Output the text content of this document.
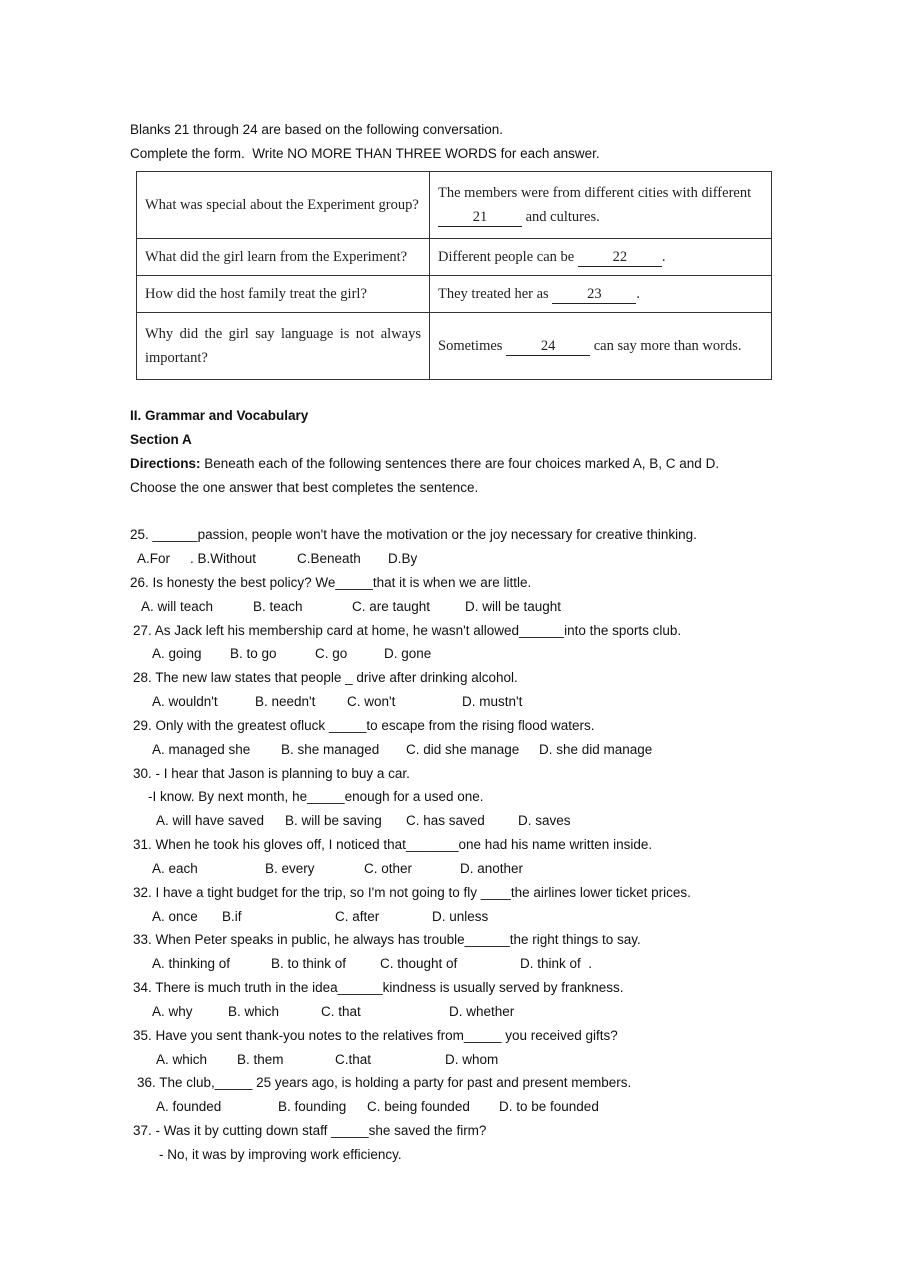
Blanks 21 through 24 are based on the following conversation.
Complete the form.  Write NO MORE THAN THREE WORDS for each answer.
What was special about the Experiment group?	The members were from different cities with different 21 and cultures.
What did the girl learn from the Experiment?	Different people can be 22 .
How did the host family treat the girl?	They treated her as 23 .
Why did the girl say language is not always important?	Sometimes 24 can say more than words.
II. Grammar and Vocabulary
Section A
Directions: Beneath each of the following sentences there are four choices marked A, B, C and D.
Choose the one answer that best completes the sentence.
25. ______passion, people won't have the motivation or the joy necessary for creative thinking.
A.For . B.Without	C.Beneath D.By
26. Is honesty the best policy? We_____that it is when we are little.
A. will teach	B. teach	C. are taught	D. will be taught
27. As Jack left his membership card at home, he wasn't allowed______into the sports club.
A. going B. to go	C. go	D. gone
28. The new law states that people _ drive after drinking alcohol.
A. wouldn't	B. needn't C. won't	D. mustn't
29. Only with the greatest ofluck _____to escape from the rising flood waters.
A. managed she B. she managed C. did she manage D. she did manage
30. - I hear that Jason is planning to buy a car.
-I know. By next month, he_____enough for a used one.
A. will have saved B. will be saving C. has saved D. saves
31. When he took his gloves off, I noticed that_______one had his name written inside.
A. each	B. every	C. other	D. another
32. I have a tight budget for the trip, so I'm not going to fly ____the airlines lower ticket prices.
A. once B.if	C. after	D. unless
33. When Peter speaks in public, he always has trouble______the right things to say.
A. thinking of	B. to think of	C. thought of	D. think of  .
34. There is much truth in the idea______kindness is usually served by frankness.
A. why	B. which	C. that	D. whether
35. Have you sent thank-you notes to the relatives from_____ you received gifts?
A. which B. them	C.that	D. whom
36. The club,_____ 25 years ago, is holding a party for past and present members.
A. founded	B. founding C. being founded D. to be founded
37. - Was it by cutting down staff _____she saved the firm?
- No, it was by improving work efficiency.
